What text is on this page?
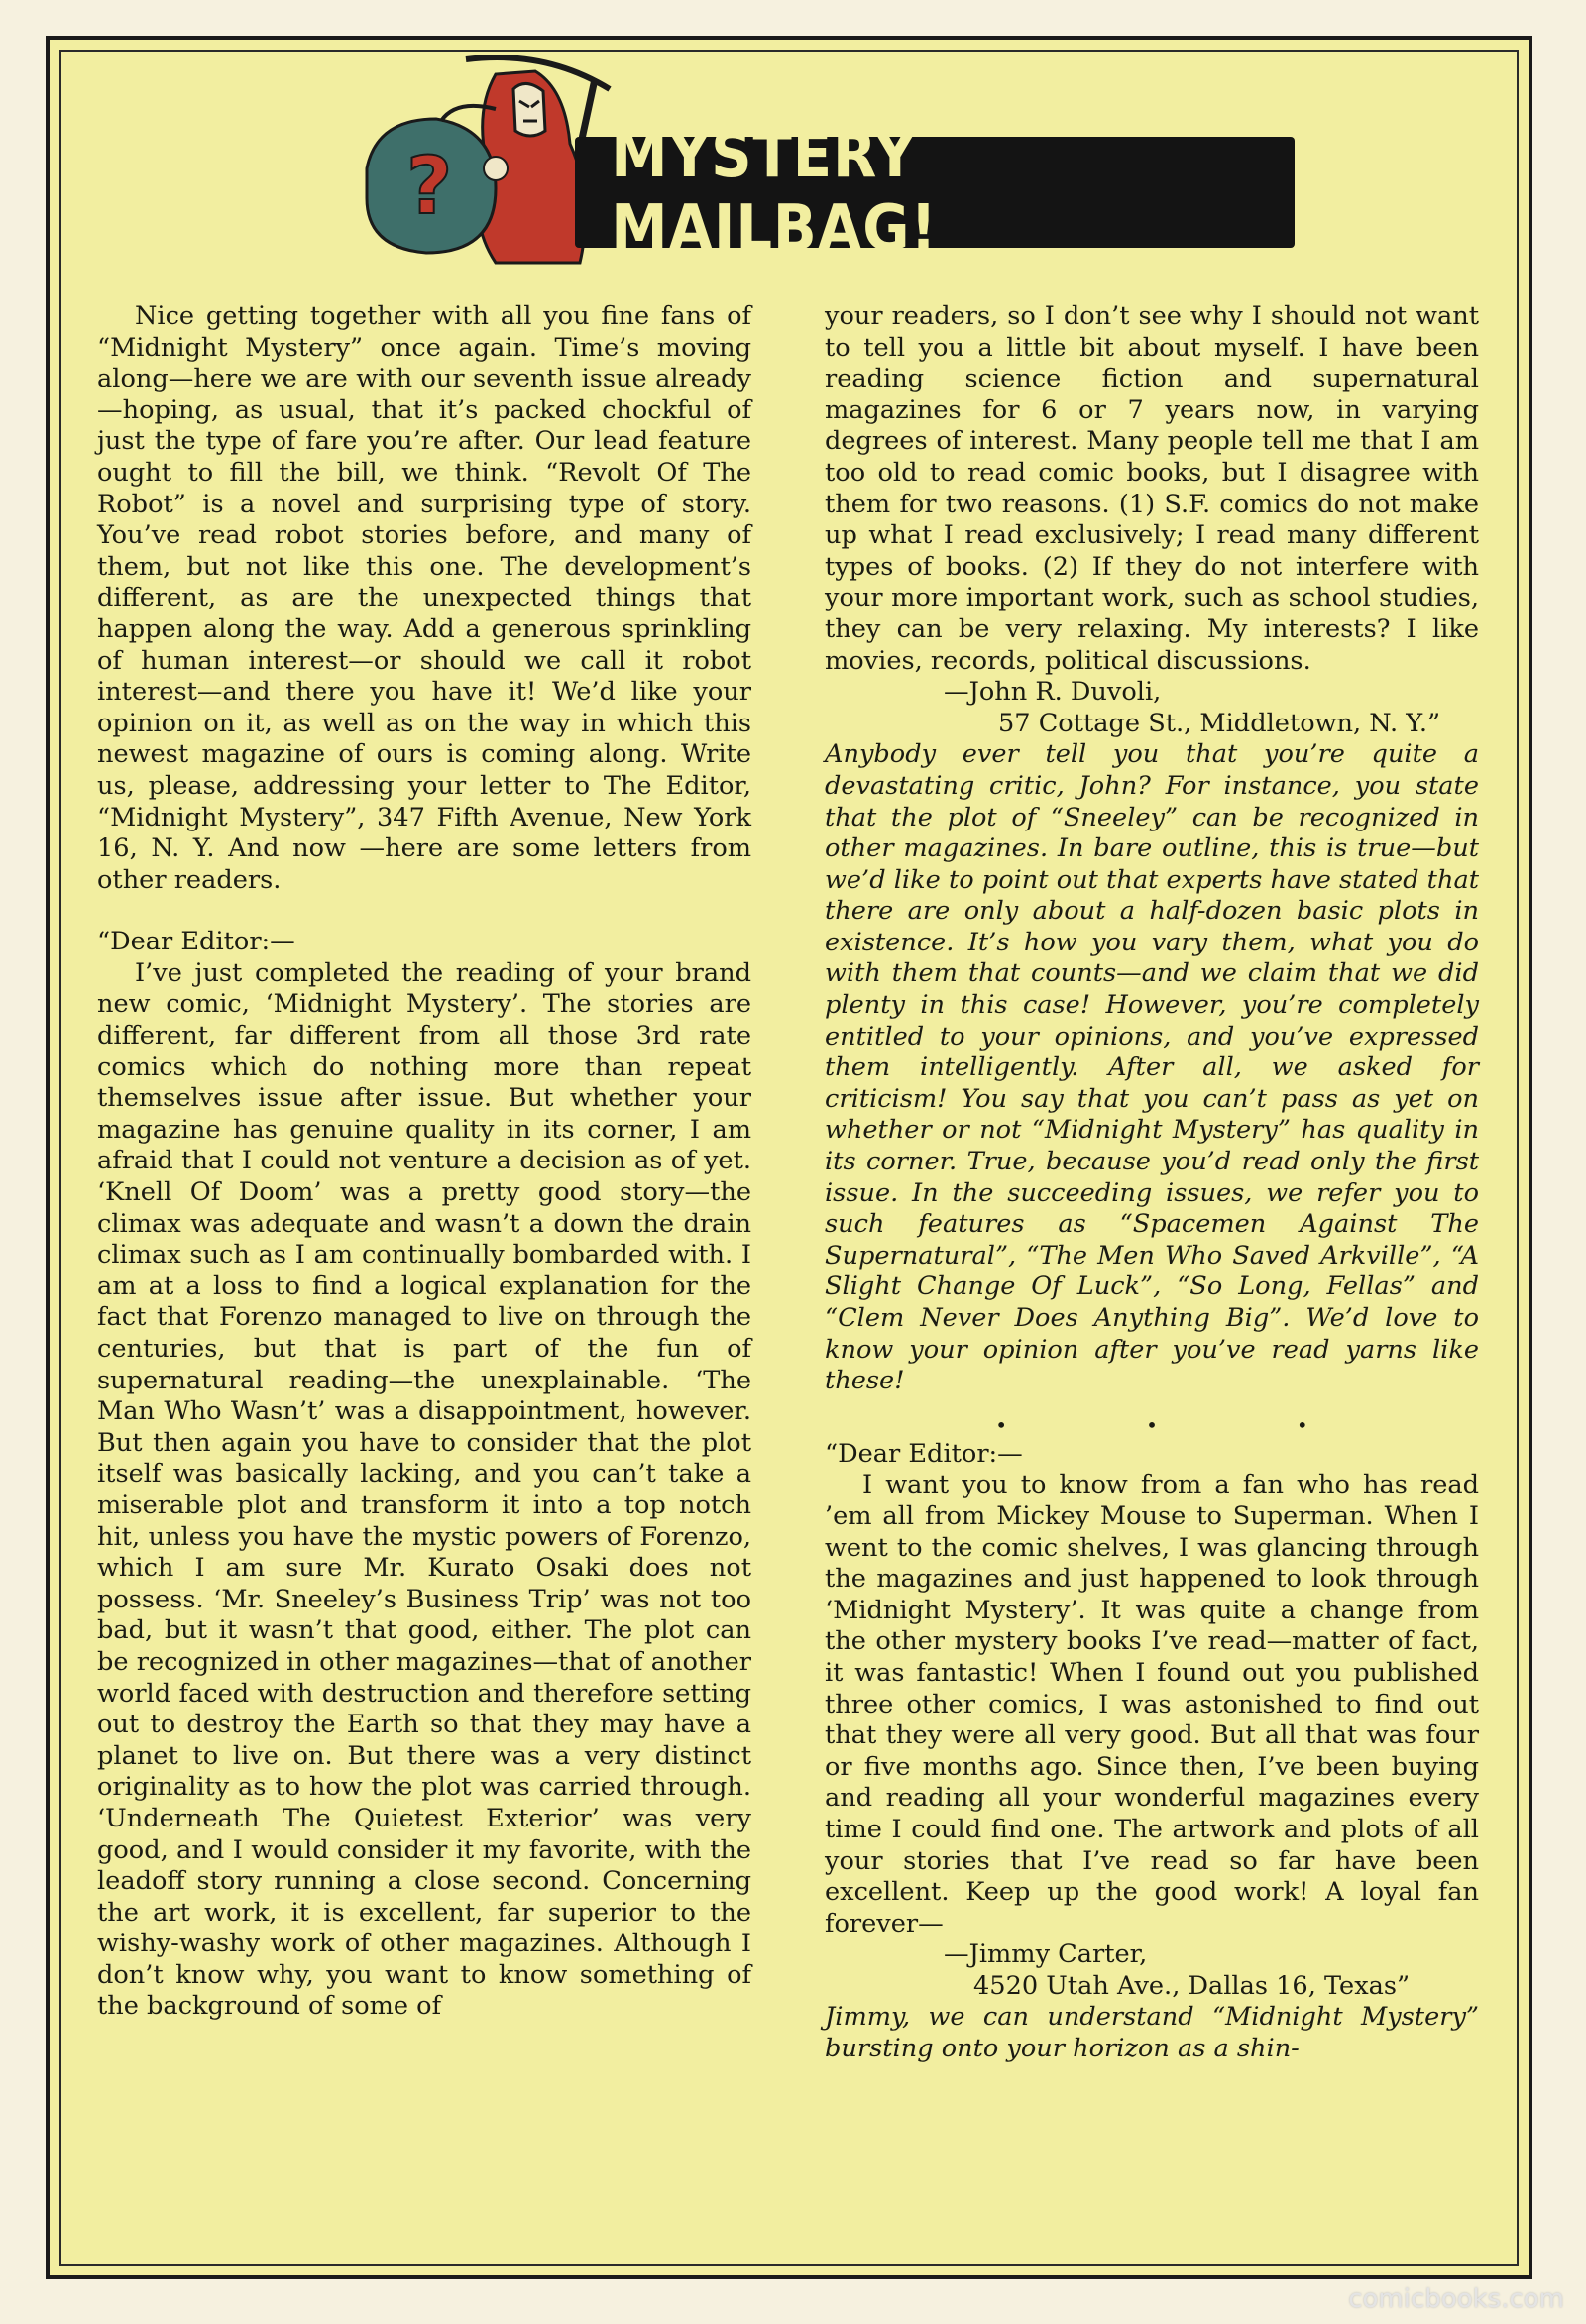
? MYSTERY MAILBAG!

Nice getting together with all you fine fans of “Midnight Mystery” once again. Time’s moving along—here we are with our seventh issue already—hoping, as usual, that it’s packed chockful of just the type of fare you’re after. Our lead feature ought to fill the bill, we think. “Revolt Of The Robot” is a novel and surprising type of story. You’ve read robot stories before, and many of them, but not like this one. The development’s different, as are the unexpected things that happen along the way. Add a generous sprinkling of human interest—or should we call it robot interest—and there you have it! We’d like your opinion on it, as well as on the way in which this newest magazine of ours is coming along. Write us, please, addressing your letter to The Editor, “Midnight Mystery”, 347 Fifth Avenue, New York 16, N. Y. And now —here are some letters from other readers.

“Dear Editor:—

I’ve just completed the reading of your brand new comic, ‘Midnight Mystery’. The stories are different, far different from all those 3rd rate comics which do nothing more than repeat themselves issue after issue. But whether your magazine has genuine quality in its corner, I am afraid that I could not venture a decision as of yet. ‘Knell Of Doom’ was a pretty good story—the climax was adequate and wasn’t a down the drain climax such as I am continually bombarded with. I am at a loss to find a logical explanation for the fact that Forenzo managed to live on through the centuries, but that is part of the fun of supernatural reading—the unexplainable. ‘The Man Who Wasn’t’ was a disappointment, however. But then again you have to consider that the plot itself was basically lacking, and you can’t take a miserable plot and transform it into a top notch hit, unless you have the mystic powers of Forenzo, which I am sure Mr. Kurato Osaki does not possess. ‘Mr. Sneeley’s Business Trip’ was not too bad, but it wasn’t that good, either. The plot can be recognized in other magazines—that of another world faced with destruction and therefore setting out to destroy the Earth so that they may have a planet to live on. But there was a very distinct originality as to how the plot was carried through. ‘Underneath The Quietest Exterior’ was very good, and I would consider it my favorite, with the leadoff story running a close second. Concerning the art work, it is excellent, far superior to the wishy-washy work of other magazines. Although I don’t know why, you want to know something of the background of some of

your readers, so I don’t see why I should not want to tell you a little bit about myself. I have been reading science fiction and supernatural magazines for 6 or 7 years now, in varying degrees of interest. Many people tell me that I am too old to read comic books, but I disagree with them for two reasons. (1) S.F. comics do not make up what I read exclusively; I read many different types of books. (2) If they do not interfere with your more important work, such as school studies, they can be very relaxing. My interests? I like movies, records, political discussions.

—John R. Duvoli,

57 Cottage St., Middletown, N. Y.”

Anybody ever tell you that you’re quite a devastating critic, John? For instance, you state that the plot of “Sneeley” can be recognized in other magazines. In bare outline, this is true—but we’d like to point out that experts have stated that there are only about a half-dozen basic plots in existence. It’s how you vary them, what you do with them that counts—and we claim that we did plenty in this case! However, you’re completely entitled to your opinions, and you’ve expressed them intelligently. After all, we asked for criticism! You say that you can’t pass as yet on whether or not “Midnight Mystery” has quality in its corner. True, because you’d read only the first issue. In the succeeding issues, we refer you to such features as “Spacemen Against The Supernatural”, “The Men Who Saved Arkville”, “A Slight Change Of Luck”, “So Long, Fellas” and “Clem Never Does Anything Big”. We’d love to know your opinion after you’ve read yarns like these!

•	•	•

“Dear Editor:—

I want you to know from a fan who has read ’em all from Mickey Mouse to Superman. When I went to the comic shelves, I was glancing through the magazines and just happened to look through ‘Midnight Mystery’. It was quite a change from the other mystery books I’ve read—matter of fact, it was fantastic! When I found out you published three other comics, I was astonished to find out that they were all very good. But all that was four or five months ago. Since then, I’ve been buying and reading all your wonderful magazines every time I could find one. The artwork and plots of all your stories that I’ve read so far have been excellent. Keep up the good work! A loyal fan forever—

—Jimmy Carter,

4520 Utah Ave., Dallas 16, Texas”

Jimmy, we can understand “Midnight Mystery” bursting onto your horizon as a shin-

comicbooks.com
